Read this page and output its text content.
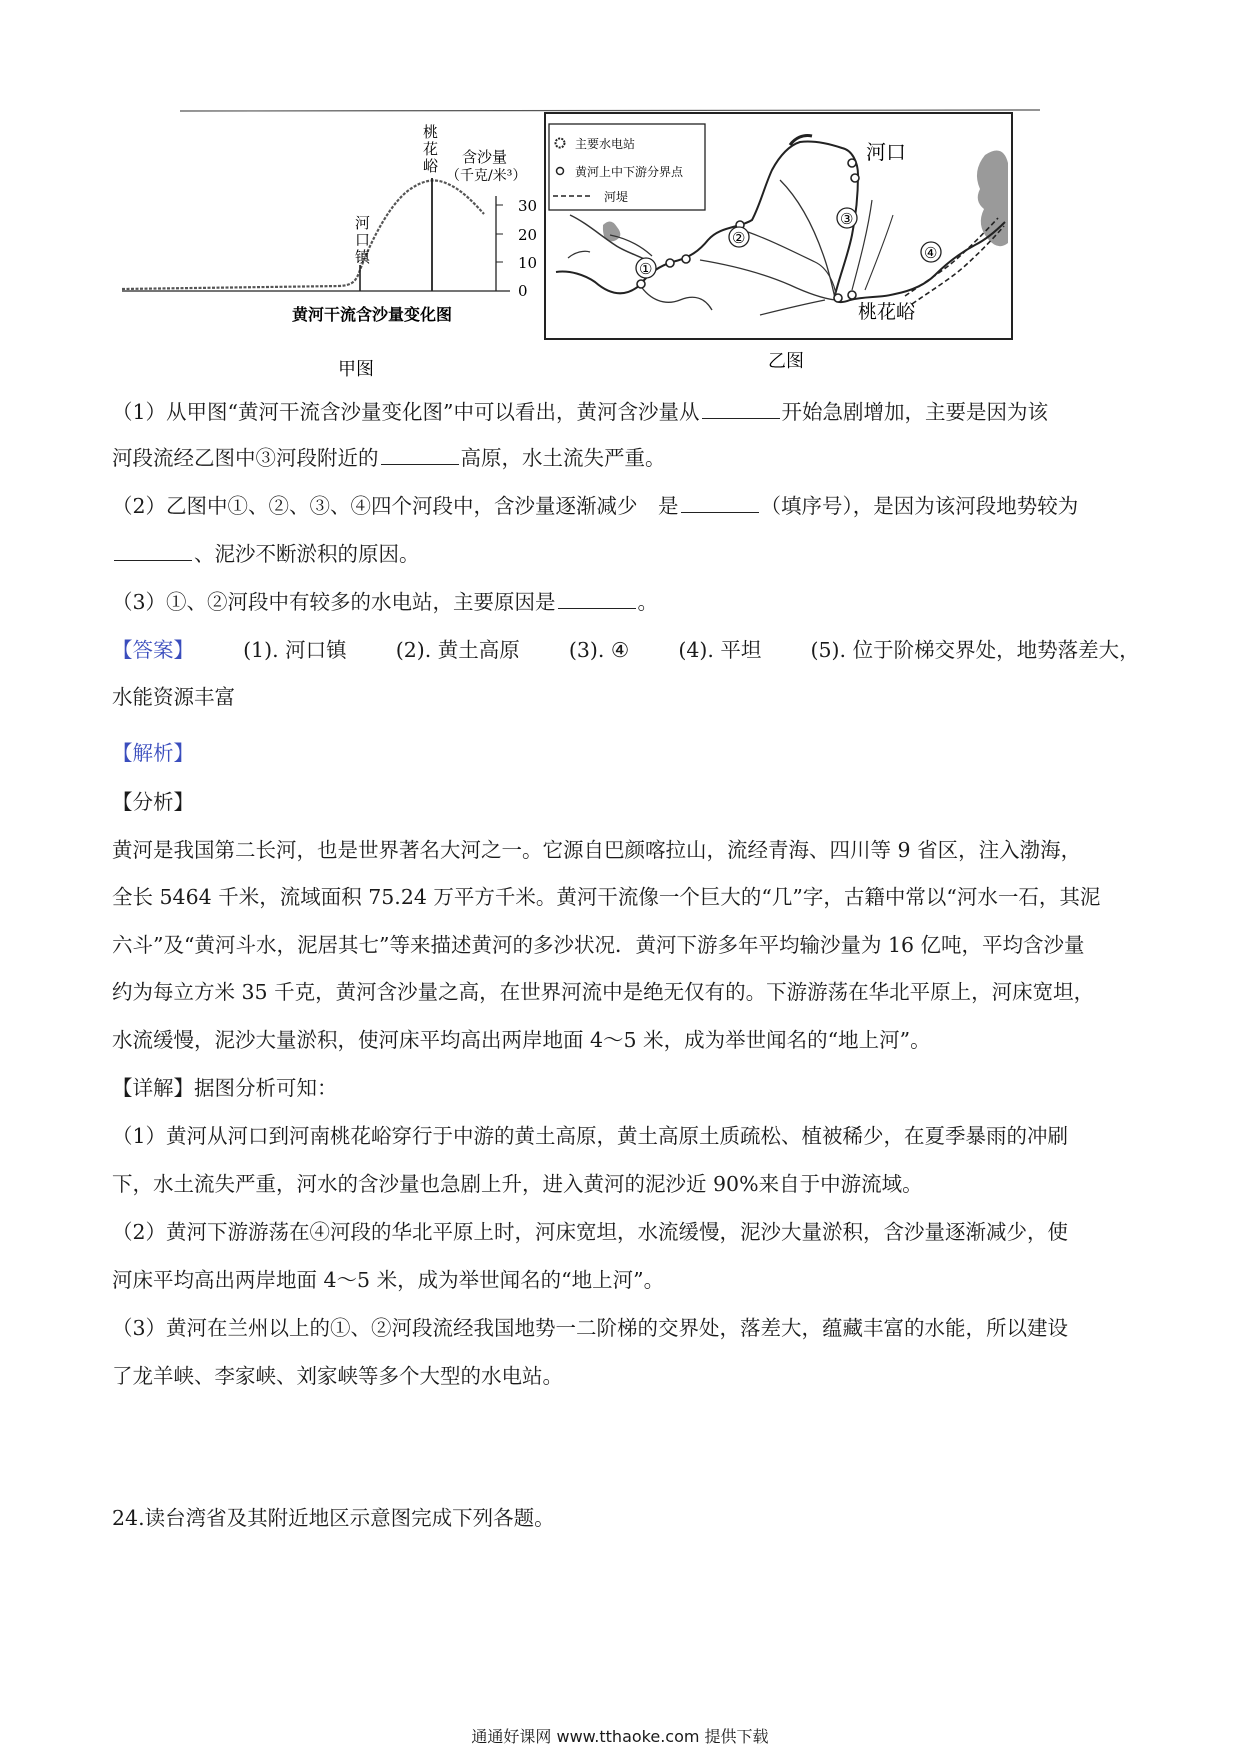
30
20
10
0
河 口 镇
桃 花 峪	含沙量
（千克/米³）
黄河干流含沙量变化图
甲图
主要水电站
黄河上中下游分界点
河堤
①
②
③
④
河口
桃花峪
乙图
（1）从甲图“黄河干流含沙量变化图”中可以看出，黄河含沙量从	开始急剧增加，主要是因为该
河段流经乙图中③河段附近的	高原，水土流失严重。
（2）乙图中①、②、③、④四个河段中，含沙量逐渐减少　是	（填序号），是因为该河段地势较为
、泥沙不断淤积的原因。
（3）①、②河段中有较多的水电站，主要原因是	。
【答案】 (1). 河口镇 (2). 黄土高原 (3). ④ (4). 平坦 (5). 位于阶梯交界处，地势落差大，
水能资源丰富
【解析】
【分析】
黄河是我国第二长河，也是世界著名大河之一。它源自巴颜喀拉山，流经青海、四川等 9 省区，注入渤海，
全长 5464 千米，流域面积 75.24 万平方千米。黄河干流像一个巨大的“几”字，古籍中常以“河水一石，其泥
六斗”及“黄河斗水，泥居其七”等来描述黄河的多沙状况．黄河下游多年平均输沙量为 16 亿吨，平均含沙量
约为每立方米 35 千克，黄河含沙量之高，在世界河流中是绝无仅有的。下游游荡在华北平原上，河床宽坦，
水流缓慢，泥沙大量淤积，使河床平均高出两岸地面 4～5 米，成为举世闻名的“地上河”。
【详解】据图分析可知：
（1）黄河从河口到河南桃花峪穿行于中游的黄土高原，黄土高原土质疏松、植被稀少，在夏季暴雨的冲刷
下，水土流失严重，河水的含沙量也急剧上升，进入黄河的泥沙近 90%来自于中游流域。
（2）黄河下游游荡在④河段的华北平原上时，河床宽坦，水流缓慢，泥沙大量淤积，含沙量逐渐减少，使
河床平均高出两岸地面 4～5 米，成为举世闻名的“地上河”。
（3）黄河在兰州以上的①、②河段流经我国地势一二阶梯的交界处，落差大，蕴藏丰富的水能，所以建设
了龙羊峡、李家峡、刘家峡等多个大型的水电站。
24.读台湾省及其附近地区示意图完成下列各题。
通通好课网 www.tthaoke.com 提供下载
